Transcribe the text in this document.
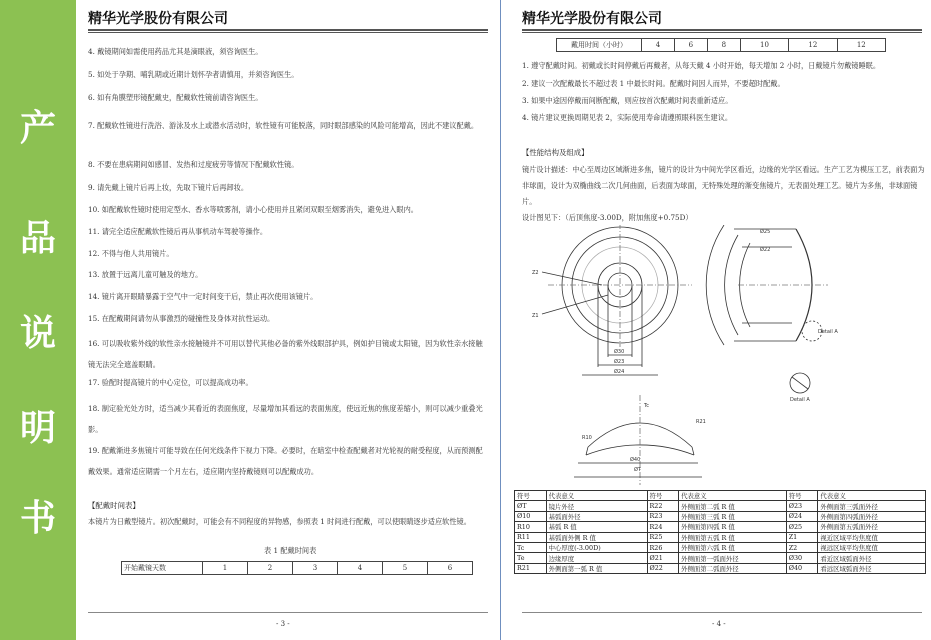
产
品
说
明
书
精华光学股份有限公司
4. 戴镜期间如需使用药品尤其是滴眼液，须咨询医生。
5. 如处于孕期、哺乳期或近期计划怀孕者请慎用，并须咨询医生。
6. 如有角膜塑形镜配戴史，配戴软性镜前请咨询医生。
7. 配戴软性镜进行洗浴、游泳及水上或潜水活动时，软性镜有可能脱落，同时眼部感染的风险可能增高，因此不建议配戴。
8. 不要在患病期间如感冒、发热和过度疲劳等情况下配戴软性镜。
9. 请先戴上镜片后再上妆，先取下镜片后再卸妆。
10. 如配戴软性镜时使用定型水、香水等喷雾剂，请小心使用并且紧闭双眼至烟雾消失，避免进入眼内。
11. 请完全适应配戴软性镜后再从事机动车驾驶等操作。
12. 不得与他人共用镜片。
13. 放置于远离儿童可触及的地方。
14. 镜片离开眼睛暴露于空气中一定时间变干后，禁止再次使用该镜片。
15. 在配戴期间请勿从事激烈的碰撞性及身体对抗性运动。
16. 可以吸收紫外线的软性亲水接触镜并不可用以替代其他必备的紫外线眼部护具，例如护目镜或太阳镜，因为软性亲水接触镜无法完全遮盖眼睛。
17. 验配时提高镜片的中心定位，可以提高成功率。
18. 制定验光处方时，适当减少其看近的表面焦度，尽量增加其看远的表面焦度，使远近焦的焦度差缩小，则可以减少重叠光影。
19. 配戴渐进多焦镜片可能导致在任何光线条件下视力下降。必要时，在暗室中检查配戴者对光轮视的耐受程度，从而预测配戴效果。通常适应期需一个月左右，适应期内坚持戴镜则可以配戴成功。
【配戴时间表】
本镜片为日戴型镜片。初次配戴时，可能会有不同程度的异物感，参照表 1 时间进行配戴，可以使眼睛逐步适应软性镜。
表 1 配戴时间表
开始戴镜天数	1	2	3	4	5	6
- 3 -
精华光学股份有限公司
戴用时间（小时）	4	6	8	10	12	12
1. 遵守配戴时间。初戴或长时间停戴后再戴者，从每天戴 4 小时开始，每天增加 2 小时，日戴镜片勿戴镜睡眠。
2. 建议一次配戴最长不超过表 1 中最长时间。配戴时间因人而异，不要超时配戴。
3. 如果中途因停戴而间断配戴，则应按首次配戴时间表重新适应。
4. 镜片建议更换周期见表 2，实际使用寿命请遵照眼科医生建议。
【性能结构及组成】
镜片设计描述：中心至周边区域渐进多焦，镜片的设计为中间光学区看近，边缘的光学区看远。生产工艺为模压工艺，前表面为非球面，设计为双椭曲线二次几何曲面，后表面为球面，无特殊处理的渐变焦镜片，无表面处理工艺。镜片为多焦，非球面镜片。
设计图见下：（后顶焦度-3.00D，附加焦度+0.75D）
Z2
Z1
Ø30
Ø23
Ø24
Ø25
Ø22
Detail A
Detail A
ØT
Ø40
Tc
R21
R10
符号	代表意义	符号	代表意义	符号	代表意义
ØT	镜片外径	R22	外侧面第二弧 R 值	Ø23	外侧面第三弧面外径
Ø10	基弧面外径	R23	外侧面第三弧 R 值	Ø24	外侧面第四弧面外径
R10	基弧 R 值	R24	外侧面第四弧 R 值	Ø25	外侧面第五弧面外径
R11	基弧面外侧 R 值	R25	外侧面第五弧 R 值	Z1	视近区域平均焦度值
Tc	中心厚度(-3.00D)	R26	外侧面第六弧 R 值	Z2	视远区域平均焦度值
Te	边缘厚度	Ø21	外侧面第一弧面外径	Ø30	看近区域弧面外径
R21	外侧面第一弧 R 值	Ø22	外侧面第二弧面外径	Ø40	看远区域弧面外径
- 4 -
